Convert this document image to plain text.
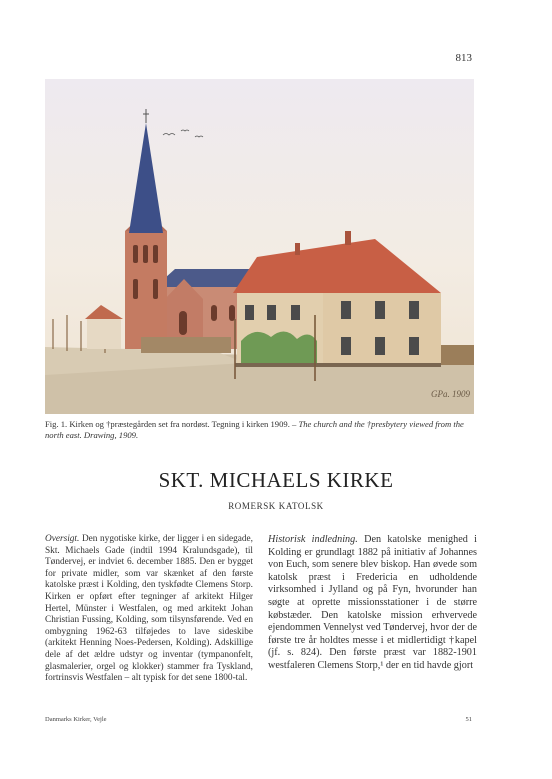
813
GPa. 1909
Fig. 1. Kirken og †præstegården set fra nordøst. Tegning i kirken 1909. – The church and the †presbytery viewed from the north east. Drawing, 1909.
SKT. MICHAELS KIRKE
ROMERSK KATOLSK
Oversigt. Den nygotiske kirke, der ligger i en sidegade, Skt. Michaels Gade (indtil 1994 Kralundsgade), til Tøndervej, er indviet 6. december 1885. Den er bygget for private midler, som var skænket af den første katolske præst i Kolding, den tyskfødte Clemens Storp. Kirken er opført efter tegninger af arkitekt Hilger Hertel, Münster i Westfalen, og med arkitekt Johan Christian Fussing, Kolding, som tilsynsførende. Ved en ombygning 1962-63 tilføjedes to lave sideskibe (arkitekt Henning Noes-Pedersen, Kolding). Adskillige dele af det ældre udstyr og inventar (tympanonfelt, glasmalerier, orgel og klokker) stammer fra Tyskland, fortrinsvis Westfalen – alt typisk for det sene 1800-tal.
Historisk indledning. Den katolske menighed i Kolding er grundlagt 1882 på initiativ af Johannes von Euch, som senere blev biskop. Han øvede som katolsk præst i Fredericia en udholdende virksomhed i Jylland og på Fyn, hvorunder han søgte at oprette missionsstationer i de større købstæder. Den katolske mission erhvervede ejendommen Vennelyst ved Tøndervej, hvor der de første tre år holdtes messe i et midlertidigt †kapel (jf. s. 824). Den første præst var 1882-1901 westfaleren Clemens Storp,¹ der en tid havde gjort
Danmarks Kirker, Vejle	51
